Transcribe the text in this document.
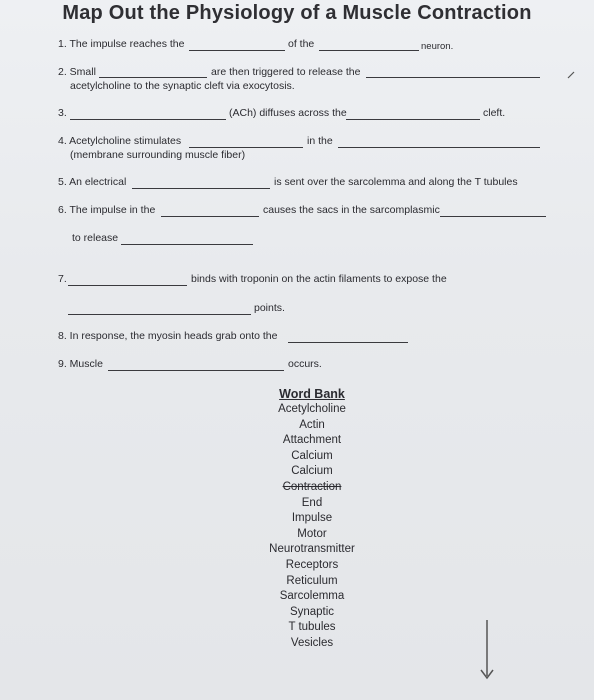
Map Out the Physiology of a Muscle Contraction
1. The impulse reaches the	of the	neuron.
2. Small	are then triggered to release the
acetylcholine to the synaptic cleft via exocytosis.
3.	(ACh) diffuses across the	cleft.
4. Acetylcholine stimulates	in the
(membrane surrounding muscle fiber)
5. An electrical	is sent over the sarcolemma and along the T tubules
6. The impulse in the	causes the sacs in the sarcomplasmic
to release
7.	binds with troponin on the actin filaments to expose the
points.
8. In response, the myosin heads grab onto the
9. Muscle	occurs.
Word Bank
Acetylcholine
Actin
Attachment
Calcium
Calcium
Contraction
End
Impulse
Motor
Neurotransmitter
Receptors
Reticulum
Sarcolemma
Synaptic
T tubules
Vesicles
